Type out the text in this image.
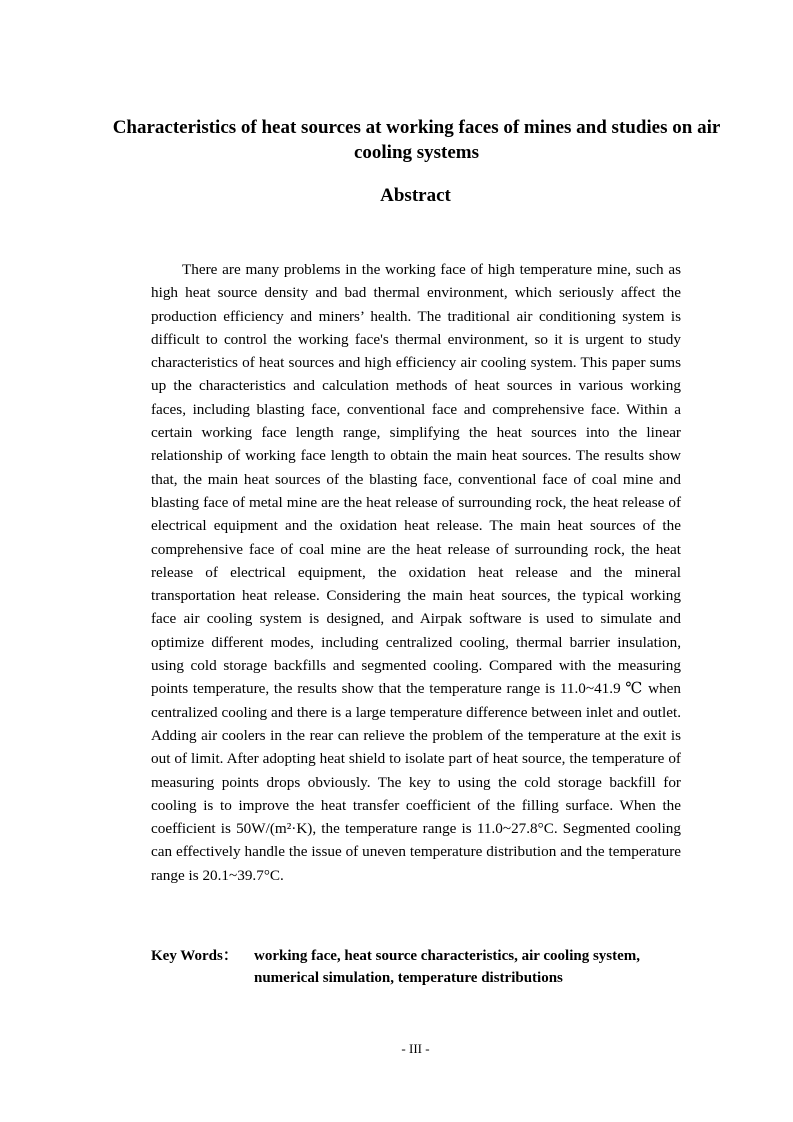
Characteristics of heat sources at working faces of mines and studies on air cooling systems
Abstract

There are many problems in the working face of high temperature mine, such as high heat source density and bad thermal environment, which seriously affect the production efficiency and miners’ health. The traditional air conditioning system is difficult to control the working face's thermal environment, so it is urgent to study characteristics of heat sources and high efficiency air cooling system. This paper sums up the characteristics and calculation methods of heat sources in various working faces, including blasting face, conventional face and comprehensive face. Within a certain working face length range, simplifying the heat sources into the linear relationship of working face length to obtain the main heat sources. The results show that, the main heat sources of the blasting face, conventional face of coal mine and blasting face of metal mine are the heat release of surrounding rock, the heat release of electrical equipment and the oxidation heat release. The main heat sources of the comprehensive face of coal mine are the heat release of surrounding rock, the heat release of electrical equipment, the oxidation heat release and the mineral transportation heat release. Considering the main heat sources, the typical working face air cooling system is designed, and Airpak software is used to simulate and optimize different modes, including centralized cooling, thermal barrier insulation, using cold storage backfills and segmented cooling. Compared with the measuring points temperature, the results show that the temperature range is 11.0~41.9 ℃ when centralized cooling and there is a large temperature difference between inlet and outlet. Adding air coolers in the rear can relieve the problem of the temperature at the exit is out of limit. After adopting heat shield to isolate part of heat source, the temperature of measuring points drops obviously. The key to using the cold storage backfill for cooling is to improve the heat transfer coefficient of the filling surface. When the coefficient is 50W/(m²·K), the temperature range is 11.0~27.8°C. Segmented cooling can effectively handle the issue of uneven temperature distribution and the temperature range is 20.1~39.7°C.

Key Words： working face, heat source characteristics, air cooling system, numerical simulation, temperature distributions
- III -
